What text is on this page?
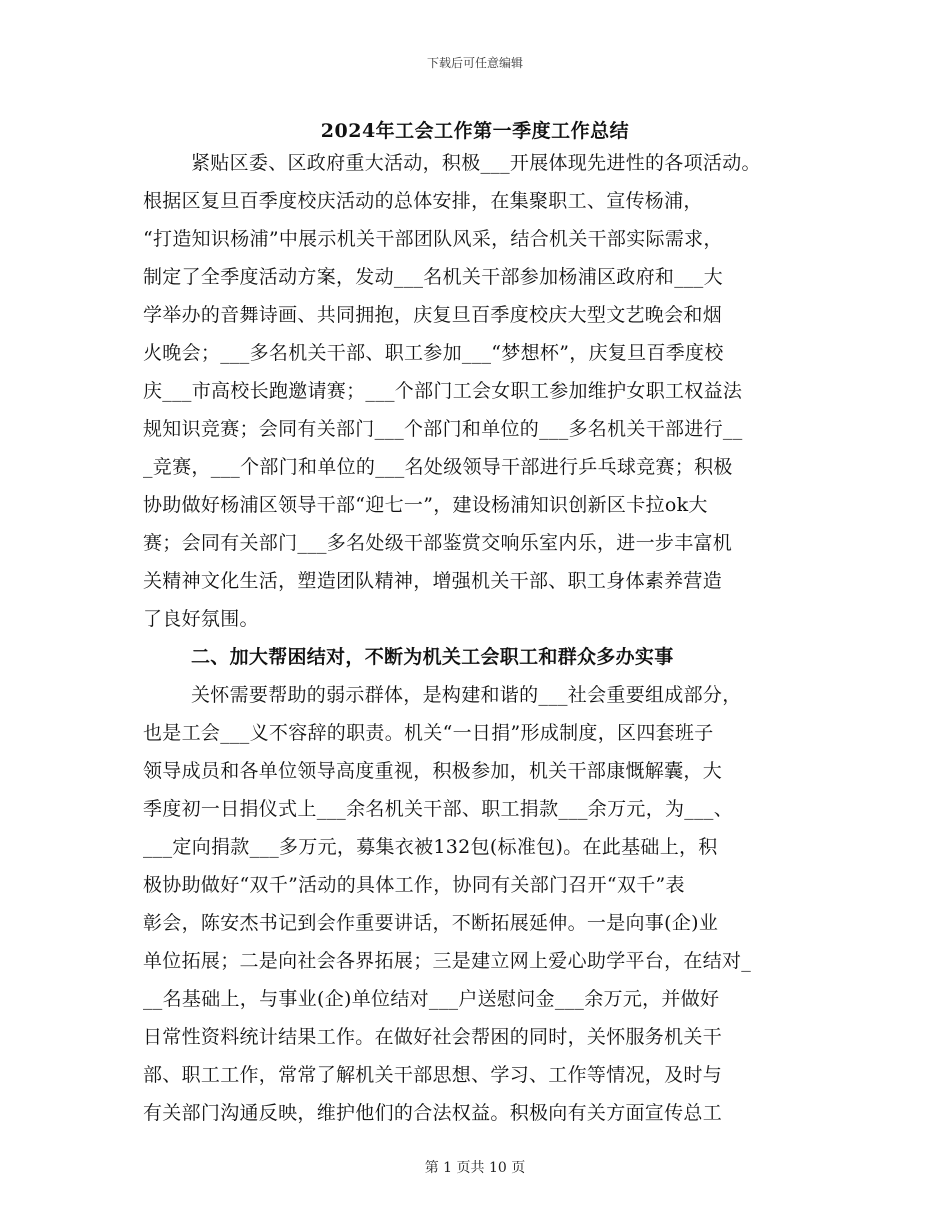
下载后可任意编辑
2024年工会工作第一季度工作总结
紧贴区委、区政府重大活动，积极___开展体现先进性的各项活动。
根据区复旦百季度校庆活动的总体安排，在集聚职工、宣传杨浦，
“打造知识杨浦”中展示机关干部团队风采，结合机关干部实际需求，
制定了全季度活动方案，发动___名机关干部参加杨浦区政府和___大
学举办的音舞诗画、共同拥抱，庆复旦百季度校庆大型文艺晚会和烟
火晚会；___多名机关干部、职工参加___“梦想杯”，庆复旦百季度校
庆___市高校长跑邀请赛；___个部门工会女职工参加维护女职工权益法
规知识竞赛；会同有关部门___个部门和单位的___多名机关干部进行__
_竞赛，___个部门和单位的___名处级领导干部进行乒乓球竞赛；积极
协助做好杨浦区领导干部“迎七一”，建设杨浦知识创新区卡拉ok大
赛；会同有关部门___多名处级干部鉴赏交响乐室内乐，进一步丰富机
关精神文化生活，塑造团队精神，增强机关干部、职工身体素养营造
了良好氛围。
二、加大帮困结对，不断为机关工会职工和群众多办实事
关怀需要帮助的弱示群体，是构建和谐的___社会重要组成部分，
也是工会___义不容辞的职责。机关“一日捐”形成制度，区四套班子
领导成员和各单位领导高度重视，积极参加，机关干部康慨解囊，大
季度初一日捐仪式上___余名机关干部、职工捐款___余万元，为___、
___定向捐款___多万元，募集衣被132包(标准包)。在此基础上，积
极协助做好“双千”活动的具体工作，协同有关部门召开“双千”表
彰会，陈安杰书记到会作重要讲话，不断拓展延伸。一是向事(企)业
单位拓展；二是向社会各界拓展；三是建立网上爱心助学平台，在结对_
__名基础上，与事业(企)单位结对___户送慰问金___余万元，并做好
日常性资料统计结果工作。在做好社会帮困的同时，关怀服务机关干
部、职工工作，常常了解机关干部思想、学习、工作等情况，及时与
有关部门沟通反映，维护他们的合法权益。积极向有关方面宣传总工
第 1 页共 10 页
